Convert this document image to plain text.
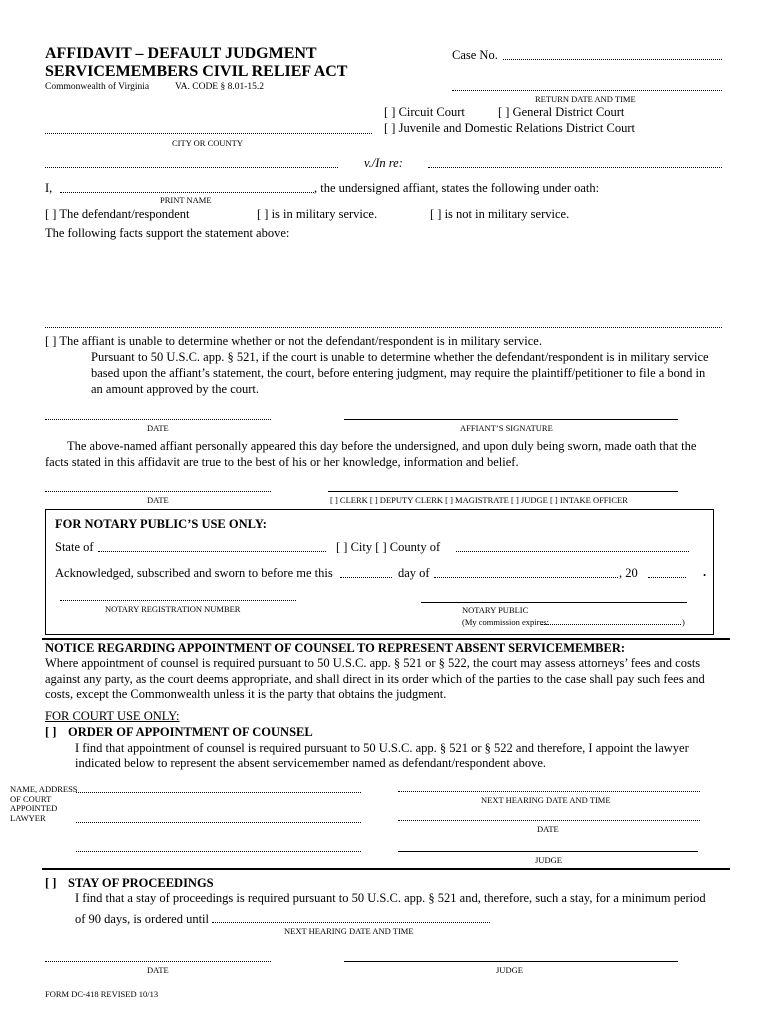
AFFIDAVIT – DEFAULT JUDGMENT
SERVICEMEMBERS CIVIL RELIEF ACT
Commonwealth of Virginia	VA. CODE § 8.01-15.2
Case No.
RETURN DATE AND TIME
[ ] Circuit Court	[ ] General District Court
[ ] Juvenile and Domestic Relations District Court
CITY OR COUNTY
v./In re:
I,	, the undersigned affiant, states the following under oath:
PRINT NAME
[ ] The defendant/respondent	[ ] is in military service.	[ ] is not in military service.
The following facts support the statement above:
[ ] The affiant is unable to determine whether or not the defendant/respondent is in military service.
Pursuant to 50 U.S.C. app. § 521, if the court is unable to determine whether the defendant/respondent is in military service
based upon the affiant’s statement, the court, before entering judgment, may require the plaintiff/petitioner to file a bond in
an amount approved by the court.
DATE	AFFIANT’S SIGNATURE
The above-named affiant personally appeared this day before the undersigned, and upon duly being sworn, made oath that the
facts stated in this affidavit are true to the best of his or her knowledge, information and belief.
DATE	[ ] CLERK [ ] DEPUTY CLERK [ ] MAGISTRATE [ ] JUDGE [ ] INTAKE OFFICER
FOR NOTARY PUBLIC’S USE ONLY:
State of	[ ] City [ ] County of
Acknowledged, subscribed and sworn to before me this	day of	, 20	.
NOTARY REGISTRATION NUMBER	NOTARY PUBLIC
(My commission expires:	)
NOTICE REGARDING APPOINTMENT OF COUNSEL TO REPRESENT ABSENT SERVICEMEMBER:
Where appointment of counsel is required pursuant to 50 U.S.C. app. § 521 or § 522, the court may assess attorneys’ fees and costs
against any party, as the court deems appropriate, and shall direct in its order which of the parties to the case shall pay such fees and
costs, except the Commonwealth unless it is the party that obtains the judgment.
FOR COURT USE ONLY:
[ ] ORDER OF APPOINTMENT OF COUNSEL
I find that appointment of counsel is required pursuant to 50 U.S.C. app. § 521 or § 522 and therefore, I appoint the lawyer
indicated below to represent the absent servicemember named as defendant/respondent above.
NAME, ADDRESS
OF COURT
APPOINTED
LAWYER
NEXT HEARING DATE AND TIME
DATE
JUDGE
[ ] STAY OF PROCEEDINGS
I find that a stay of proceedings is required pursuant to 50 U.S.C. app. § 521 and, therefore, such a stay, for a minimum period
of 90 days, is ordered until
NEXT HEARING DATE AND TIME
DATE	JUDGE
FORM DC-418 REVISED 10/13
